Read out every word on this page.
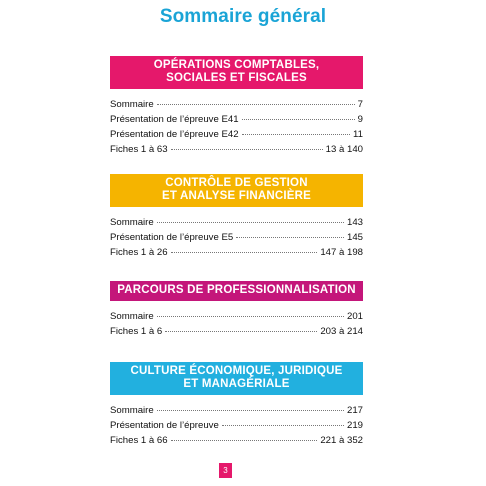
Sommaire général
OPÉRATIONS COMPTABLES,
SOCIALES ET FISCALES
Sommaire	7
Présentation de l’épreuve E41	9
Présentation de l’épreuve E42	11
Fiches 1 à 63	13 à 140
CONTRÔLE DE GESTION
ET ANALYSE FINANCIÈRE
Sommaire	143
Présentation de l’épreuve E5	145
Fiches 1 à 26	147 à 198
PARCOURS DE PROFESSIONNALISATION
Sommaire	201
Fiches 1 à 6	203 à 214
CULTURE ÉCONOMIQUE, JURIDIQUE
ET MANAGÉRIALE
Sommaire	217
Présentation de l’épreuve	219
Fiches 1 à 66	221 à 352
3
